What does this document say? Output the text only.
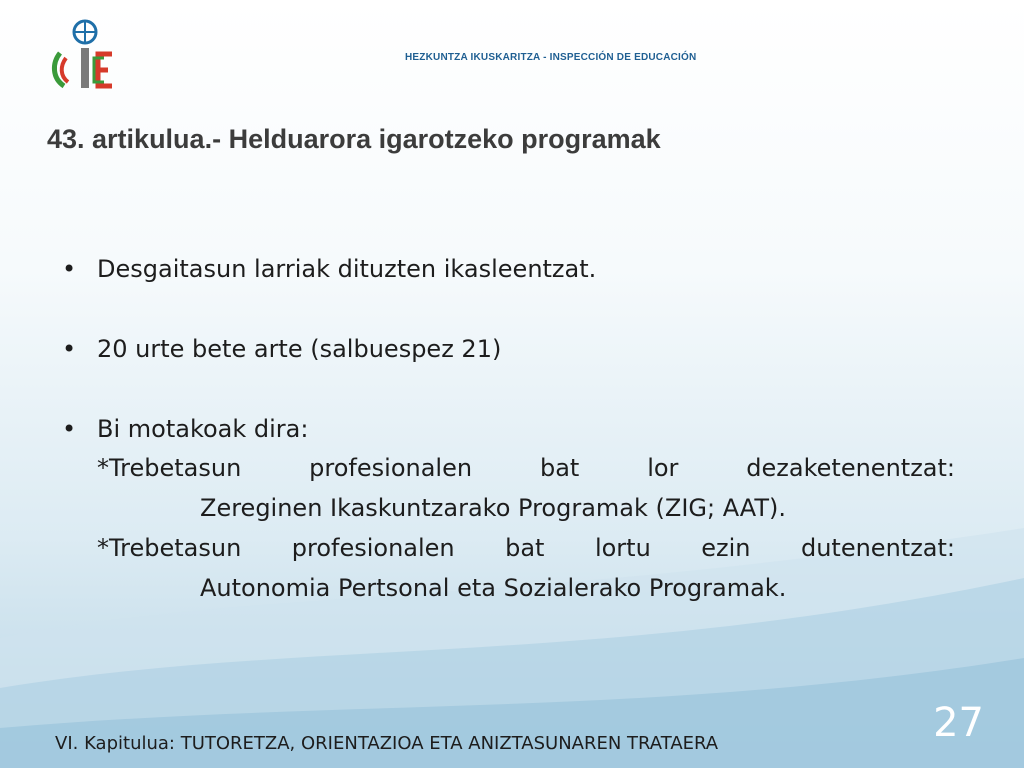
HEZKUNTZA IKUSKARITZA - INSPECCIÓN DE EDUCACIÓN
43. artikulua.- Helduarora igarotzeko programak
• Desgaitasun larriak dituzten ikasleentzat.
• 20 urte bete arte (salbuespez 21)
• Bi motakoak dira:
*Trebetasun profesionalen bat lor dezaketenentzat:
Zereginen Ikaskuntzarako Programak (ZIG; AAT).
*Trebetasun profesionalen bat lortu ezin dutenentzat:
Autonomia Pertsonal eta Sozialerako Programak.
VI. Kapitulua: TUTORETZA, ORIENTAZIOA ETA ANIZTASUNAREN TRATAERA	27
